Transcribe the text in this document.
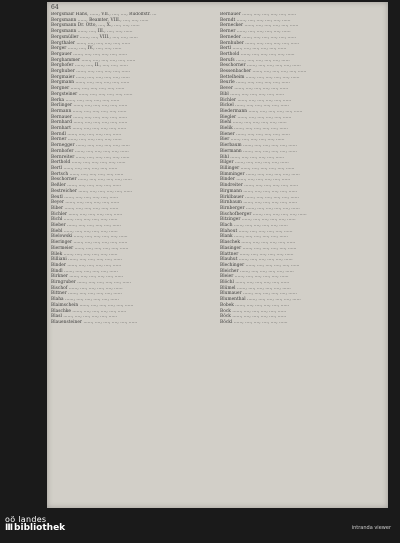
64

Bergsmair Hans, ......, VII., ...., ...., Rudolfstr. ...

Bergsmann ......, Beamter, VIII., ...., ...., ......

Bergsmann Dr. Otto, ...., X., ...., ...., ......

Bergsmann ......, ...., III., ...., ...., ......

Bergsmüller ......, ...., VIII., ...., ...., ......

Bergthaler ......, ...., ...., ...., ...., ......

Berger ......, ...., IV., ...., ...., ......

Bergauer ......, ...., ...., ...., ...., ......

Berghammer ......, ...., ...., ...., ...., ......

Berghofer ......, ...., II., ...., ...., ......

Berghuber ......, ...., ...., ...., ...., ......

Bergmaier ......, ...., ...., ...., ...., ......

Bergmann ......, ...., ...., ...., ...., ......

Bergner ......, ...., ...., ...., ...., ......

Bergsteiner ......, ...., ...., ...., ...., ......

Berka ......, ...., ...., ...., ...., ......

Berlinger ......, ...., ...., ...., ...., ......

Bermann ......, ...., ...., ...., ...., ......

Bernauer ......, ...., ...., ...., ...., ......

Bernhard ......, ...., ...., ...., ...., ......

Bernhart ......, ...., ...., ...., ...., ......

Berndl ......, ...., ...., ...., ...., ......

Berner ......, ...., ...., ...., ...., ......

Bernegger ......, ...., ...., ...., ...., ......

Bernhofer ......, ...., ...., ...., ...., ......

Bernreiter ......, ...., ...., ...., ...., ......

Berthold ......, ...., ...., ...., ...., ......

Bertl ......, ...., ...., ...., ...., ......

Bertsch ......, ...., ...., ...., ...., ......

Beschorner ......, ...., ...., ...., ...., ......

Beßler ......, ...., ...., ...., ...., ......

Bestreicher ......, ...., ...., ...., ...., ......

Beutl ......, ...., ...., ...., ...., ......

Beyer ......, ...., ...., ...., ...., ......

Biber ......, ...., ...., ...., ...., ......

Bichler ......, ...., ...., ...., ...., ......

Bichl ......, ...., ...., ...., ...., ......

Bieber ......, ...., ...., ...., ...., ......

Biebl ......, ...., ...., ...., ...., ......

Bielowski ......, ...., ...., ...., ...., ......

Bieringer ......, ...., ...., ...., ...., ......

Biermeier ......, ...., ...., ...., ...., ......

Bilek ......, ...., ...., ...., ...., ......

Billiani ......, ...., ...., ...., ...., ......

Binder ......, ...., ...., ...., ...., ......

Bindl ......, ...., ...., ...., ...., ......

Birkner ......, ...., ...., ...., ...., ......

Birngruber ......, ...., ...., ...., ...., ......

Bischof ......, ...., ...., ...., ...., ......

Bittner ......, ...., ...., ...., ...., ......

Blaha ......, ...., ...., ...., ...., ......

Blaimschein ......, ...., ...., ...., ...., ......

Blaschke ......, ...., ...., ...., ...., ......

Blasl ......, ...., ...., ...., ...., ......

Blauensteiner ......, ...., ...., ...., ...., ......

Bernauer ......, ...., ...., ...., ...., ......

Berndt ......, ...., ...., ...., ...., ......

Bernecker ......, ...., ...., ...., ...., ......

Berner ......, ...., ...., ...., ...., ......

Berneder ......, ...., ...., ...., ...., ......

Bernhuber ......, ...., ...., ...., ...., ......

Bertl ......, ...., ...., ...., ...., ......

Berthold ......, ...., ...., ...., ...., ......

Berufs ......, ...., ...., ...., ...., ......

Beschorner ......, ...., ...., ...., ...., ......

Bessenbacher ......, ...., ...., ...., ...., ......

Bettelheim ......, ...., ...., ...., ...., ......

Beurle ......, ...., ...., ...., ...., ......

Bever ......, ...., ...., ...., ...., ......

Bibl ......, ...., ...., ...., ...., ......

Bichler ......, ...., ...., ...., ...., ......

Bickel ......, ...., ...., ...., ...., ......

Biedermann ......, ...., ...., ...., ...., ......

Biegler ......, ...., ...., ...., ...., ......

Biehl ......, ...., ...., ...., ...., ......

Bielik ......, ...., ...., ...., ...., ......

Biener ......, ...., ...., ...., ...., ......

Bier ......, ...., ...., ...., ...., ......

Bierbaum ......, ...., ...., ...., ...., ......

Biermann ......, ...., ...., ...., ...., ......

Bihl ......, ...., ...., ...., ...., ......

Bilger ......, ...., ...., ...., ...., ......

Billinger ......, ...., ...., ...., ...., ......

Bimminger ......, ...., ...., ...., ...., ......

Binder ......, ...., ...., ...., ...., ......

Bindreiter ......, ...., ...., ...., ...., ......

Birgmann ......, ...., ...., ...., ...., ......

Birklbauer ......, ...., ...., ...., ...., ......

Birnbaum ......, ...., ...., ...., ...., ......

Birnberger ......, ...., ...., ...., ...., ......

Bischofberger ......, ...., ...., ...., ...., ......

Bitzinger ......, ...., ...., ...., ...., ......

Blach ......, ...., ...., ...., ...., ......

Blahout ......, ...., ...., ...., ...., ......

Blank ......, ...., ...., ...., ...., ......

Blaschek ......, ...., ...., ...., ...., ......

Blasinger ......, ...., ...., ...., ...., ......

Blattner ......, ...., ...., ...., ...., ......

Blauhut ......, ...., ...., ...., ...., ......

Blechinger ......, ...., ...., ...., ...., ......

Bleicher ......, ...., ...., ...., ...., ......

Bleier ......, ...., ...., ...., ...., ......

Blöchl ......, ...., ...., ...., ...., ......

Blümel ......, ...., ...., ...., ...., ......

Blumauer ......, ...., ...., ...., ...., ......

Blumenthal ......, ...., ...., ...., ...., ......

Bobek ......, ...., ...., ...., ...., ......

Bock ......, ...., ...., ...., ...., ......

Böck ......, ...., ...., ...., ...., ......

Böckl ......, ...., ...., ...., ...., ......

oö landes
III bibliothek	intranda viewer
